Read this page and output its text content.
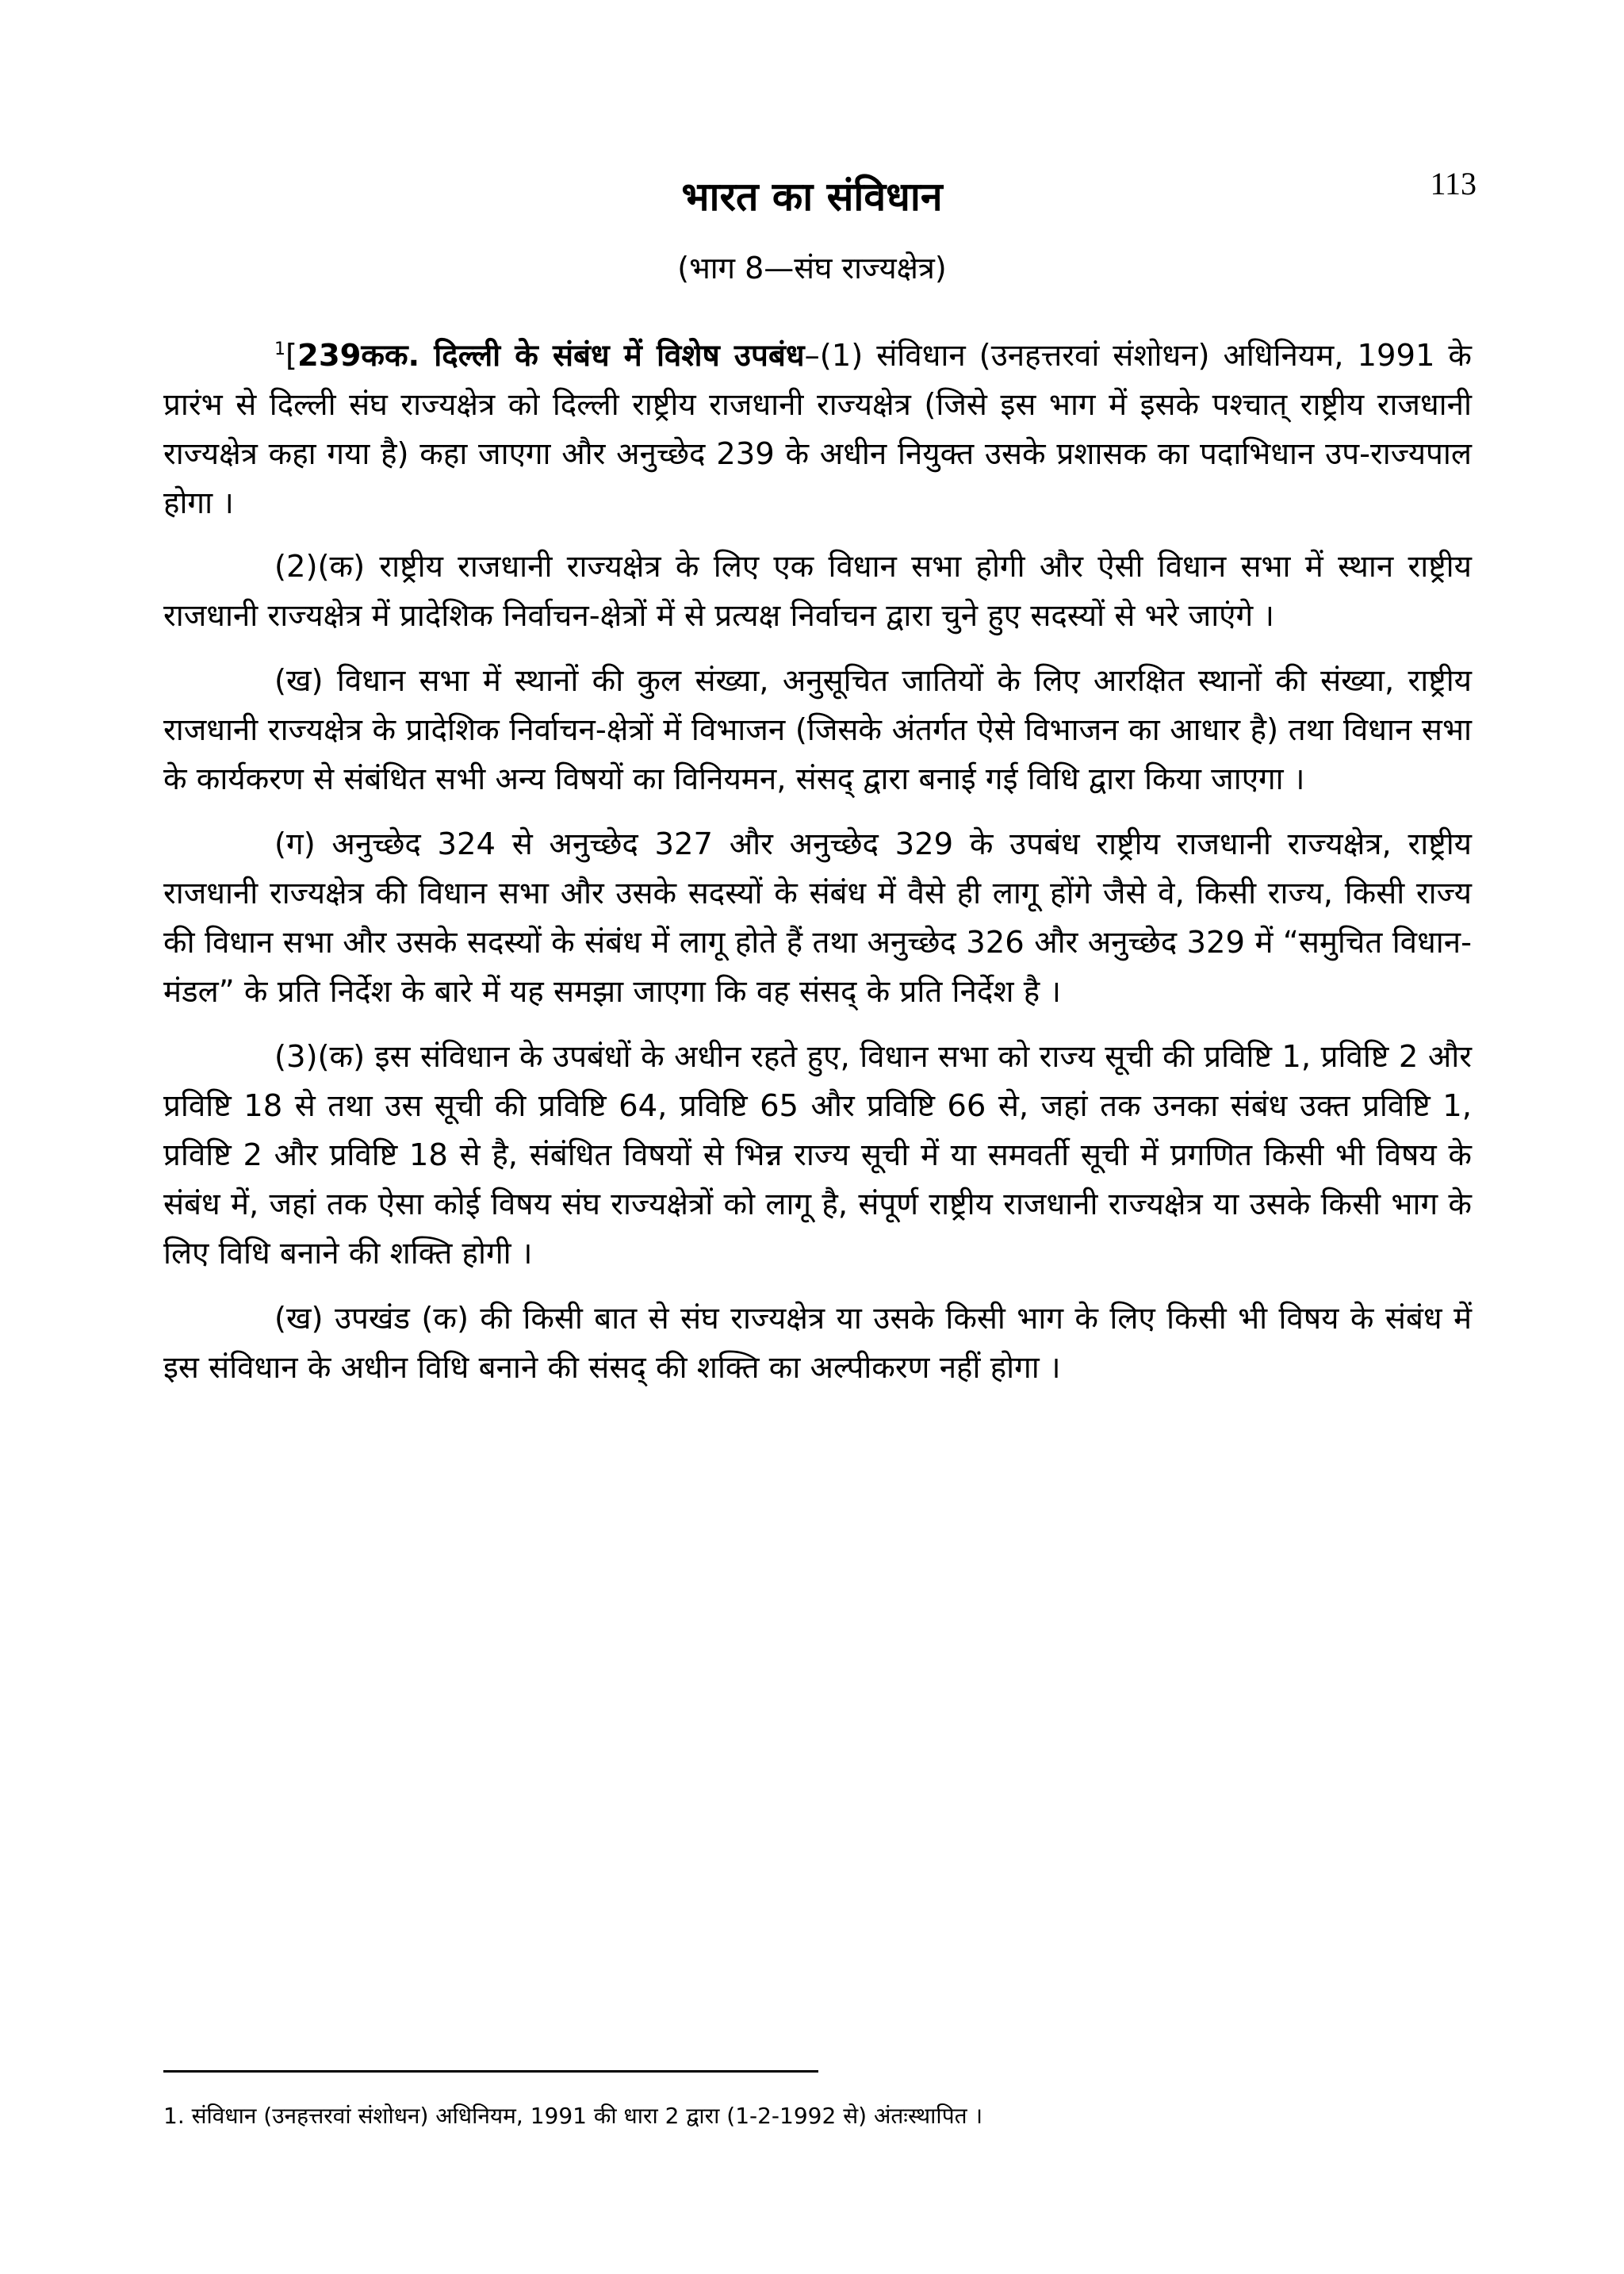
113
भारत का संविधान
(भाग 8—संघ राज्यक्षेत्र)

$^1$[239कक. दिल्ली के संबंध में विशेष उपबंध–(1) संविधान (उनहत्तरवां संशोधन) अधिनियम, 1991 के प्रारंभ से दिल्ली संघ राज्यक्षेत्र को दिल्ली राष्ट्रीय राजधानी राज्यक्षेत्र (जिसे इस भाग में इसके पश्चात् राष्ट्रीय राजधानी राज्यक्षेत्र कहा गया है) कहा जाएगा और अनुच्छेद 239 के अधीन नियुक्त उसके प्रशासक का पदाभिधान उप-राज्यपाल होगा ।

(2)(क) राष्ट्रीय राजधानी राज्यक्षेत्र के लिए एक विधान सभा होगी और ऐसी विधान सभा में स्थान राष्ट्रीय राजधानी राज्यक्षेत्र में प्रादेशिक निर्वाचन-क्षेत्रों में से प्रत्यक्ष निर्वाचन द्वारा चुने हुए सदस्यों से भरे जाएंगे ।

(ख) विधान सभा में स्थानों की कुल संख्या, अनुसूचित जातियों के लिए आरक्षित स्थानों की संख्या, राष्ट्रीय राजधानी राज्यक्षेत्र के प्रादेशिक निर्वाचन-क्षेत्रों में विभाजन (जिसके अंतर्गत ऐसे विभाजन का आधार है) तथा विधान सभा के कार्यकरण से संबंधित सभी अन्य विषयों का विनियमन, संसद् द्वारा बनाई गई विधि द्वारा किया जाएगा ।

(ग) अनुच्छेद 324 से अनुच्छेद 327 और अनुच्छेद 329 के उपबंध राष्ट्रीय राजधानी राज्यक्षेत्र, राष्ट्रीय राजधानी राज्यक्षेत्र की विधान सभा और उसके सदस्यों के संबंध में वैसे ही लागू होंगे जैसे वे, किसी राज्य, किसी राज्य की विधान सभा और उसके सदस्यों के संबंध में लागू होते हैं तथा अनुच्छेद 326 और अनुच्छेद 329 में “समुचित विधान-मंडल” के प्रति निर्देश के बारे में यह समझा जाएगा कि वह संसद् के प्रति निर्देश है ।

(3)(क) इस संविधान के उपबंधों के अधीन रहते हुए, विधान सभा को राज्य सूची की प्रविष्टि 1, प्रविष्टि 2 और प्रविष्टि 18 से तथा उस सूची की प्रविष्टि 64, प्रविष्टि 65 और प्रविष्टि 66 से, जहां तक उनका संबंध उक्त प्रविष्टि 1, प्रविष्टि 2 और प्रविष्टि 18 से है, संबंधित विषयों से भिन्न राज्य सूची में या समवर्ती सूची में प्रगणित किसी भी विषय के संबंध में, जहां तक ऐसा कोई विषय संघ राज्यक्षेत्रों को लागू है, संपूर्ण राष्ट्रीय राजधानी राज्यक्षेत्र या उसके किसी भाग के लिए विधि बनाने की शक्ति होगी ।

(ख) उपखंड (क) की किसी बात से संघ राज्यक्षेत्र या उसके किसी भाग के लिए किसी भी विषय के संबंध में इस संविधान के अधीन विधि बनाने की संसद् की शक्ति का अल्पीकरण नहीं होगा ।

1. संविधान (उनहत्तरवां संशोधन) अधिनियम, 1991 की धारा 2 द्वारा (1-2-1992 से) अंतःस्थापित ।
